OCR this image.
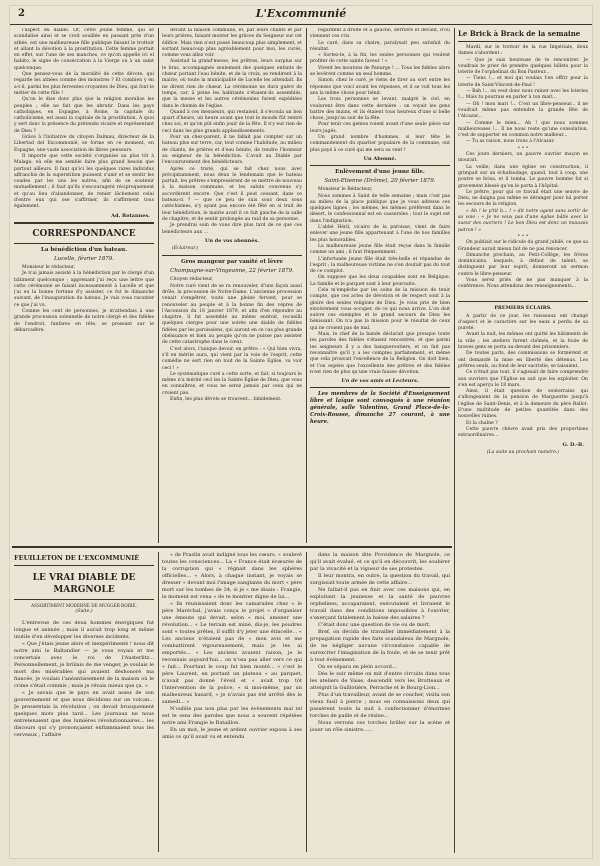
2	L'Excommunié

l'aspect du diable. Or, cette jeune femme, qui se scandalise ainsi et se croit souillée en passant près d'un athée, est une malheureuse fille publique faisant le trottoir et allant la dévotion à la prostitution. Cette femme portait en effet, sur l'une de ses manches, ce qu'on appelle ici el habito, le signe de consécration à la Vierge ou à un saint quelconque.

Que pensez-vous de la moralité de cette dévote, qui regarde les athées comme des monstres ? Et combien y en a-t-il, parmi les plus ferventes croyantes de Dieu, qui font le métier de cette fille !

Qu'on le dise donc plus que la religion moralise les peuples ; elle ne fait que les abrutir. Dans les pays catholiques, en Espagne, à Rome, la capitale du catholicisme, est aussi la capitale de la prostitution. A quoi y sert donc la présence du prétendu vicaire et représentant de Dieu ?

Grâce à l'initiative du citoyen Dalmau, directeur de la Libertad del Excommunié, se forme en ce moment, en Espagne, une vaste association de libres penseurs.

Il importe que cette société s'organise au plus tôt à Malaga, où elle me semble faire plus grand besoin que partout ailleurs. Il faut qu'ici les quelques rares individus affranchis de la superstition puissent s'unir et se sentir les coudes par les uns les autres, afin de se soutenir mutuellement ; il faut qu'ils s'encouragent réciproquement et qu'au lieu d'abandonner, de renier lâchement celui d'entre eux qui ose s'affirmer, ils s'affirment tous également.

Ad. Rotannes.
CORRESPONDANCE
La bénédiction d'un bateau.
Lucelle, février 1879.

Monsieur le rédacteur,

Je n'ai jamais assisté à la bénédiction par le clergé d'un bâtiment quelconque ; apprenant j'ai reçu une lettre que cette cérémonie se faisait incessamment à Lucelle et que j'ai eu la bonne fortune d'y assister, ce fut le dimanche suivant, de l'inauguration du bateau. Je vais vous raconter ce que j'ai vu.

Comme les cent de personnes, je m'attendais à une grande procession solennelle de notre clergé et des fidèles de l'endroit, fanfares en tête, se pressant sur le débarcadère.

devant la maison commune, et, par leurs chants et par leurs prières, faisant monter les grâces du Seigneur sur cet édifice. Mais rien n'est passé beaucoup plus simplement, et sortant beaucoup plus agréablement pour moi, les curés, comme vous allez voir.

Assistait la grand'messe, les prêtres, leurs surplus sur le bras, accompagnés seulement des quelques enfants de chœur portant l'eau bénite, et de la croix, se rendirent à la mairie, où toute la municipalité de Lucelle les attendait. Ils ne dirent rien de chœur. La cérémonie ne dura guère de temps, car, à peine les habitants s'étaient-ils assemblés, que la messe et les autres cérémonies furent expédiées dans le chemin de l'église.

Quand à ces messieurs, qui restaient, il s'écoula un bon quart d'heure, un heure avant que tout le monde fût rentré chez soi, et qu'on pût enfin jouir de la fête. Il n'y eut rien de ceci dans les plus grands applaudissements.

Pour un chez-parent, il ne fallait pas compter sur un bateau plus sur terre, car, tout comme l'habitude, au milieu de chants, de prières et d'eau bénite, de rendre l'honneur au seigneur de la bénédiction. L'avait au Diable par l'encoururement des bénédicteurs.

Après ce triste, qui se fait chez nous avec précipitamment, nous deux le lendemain que le bateau partait, les prêtres s'empressèrent de se mettre de nouveau à la maison commune, et les saluts convenus s'y accordèrent encore. Que c'est il peut cessant, dans ce bateau-ci ? — que ce peu de suis sous deux sous catéchismes, n'y ayant pas encore été fêté en si trait de leur bénédiction, le mairie avait il ce fait gauche de la salle de chapitre, et de sentir prolongée au raid de sa personne.

Je prendrai soin de vous dire plus tard de ce que ces bénédicteurs aux ...

Un de vos abonnés.
(Éclaireur.)
Gros mangeur par vanité et lèvre
Champagne-sur-Vingeanne, 22 février 1879.

Citoyen rédacteur,

Notre curé vient de se ra renouveler, d'une façon aussi drôle, la procession de Notre-Dame. L'ancienne procession venait s'empêtrer, toute une pleine fervent, pour se renouveler au peuple et à la bonne fin des vépres de l'Ascension du 18 janvier 1879, et afin d'en répondre au chapitre, il fut assemblé au même endroit, recueilli quelques cierges pour une soirée une diable de fidèles fidèles par les paroissiens, qui auront en ce cas plus grande obéissance et bien au peuple qu'on ne puisse pas assister de cette catastrophe dans le cœur.

C'est alors, l'unique devoir, en prêtre : « Qui bien vivra, s'il en mérite aura, qui vient par la voie de l'esprit, cette comédie ne sert rien en tout de la Sainte Église, va voir ceci ! »

Le systématique curé a cette sorte, et fait, si toujours le même n'a mérité ceci les la Sainte Église de Dieu, que vous en connaîtrez, et vous ne serez jamais par ceux qui ne croient pas.

Enfin, les plus dévots se trouvent... timidement.

regardent à droite et à gauche, derrière et devant, d'où viennent ces cris.

Le curé, dans sa chaire, paralysait peu satisfait du résultat.

« Sortez-le, à la fin, les seules personnes qui veulent profiter de cette sainte faveur ! »

Vivent les moutons de Panurge ! ... Tous les fidèles alors se levèrent comme un seul homme.

Simon, chez le curé, je viens de tirer au sort entre les réponses que voici avant les réponses, et il se voit tous les ans la même chose pour bénir.

Les trois personnes se levant, malgré le ciel, en voulurent être dans cette dernière : on voyait les gens battre des mains, et ils étaient tous heureux d'une si belle chose, jusqu'au soir de la fête.

Pour tenir ces gentes voient avant d'une seule pièce sur leurs jugés.

Un grand nombre d'hommes, si leur tête le commandement du quartier populaire de la commune, ont plus payé à ce curé qui me sera su vent !

Un Abonné.
Enlèvement d'une jeune fille.
Saint-Etienne (Drôme), 20 février 1879.

Monsieur le Rédacteur,

Nous sommes à Saint de telle semaine ; mais c'est pas au milieu de la place publique que je vous adresse ces quelques lignes ; les mêmes, les mêmes préfèrent dans le désert, le confessionnal est en casseroles ; tout le sujet est dans l'indignation.

L'abbé Héril, vicaire de la paroisse, vient de faire enlever une jeune fille appartenant à l'une de nos familles les plus honorables.

La malheureuse jeune fille était reçue dans la famille comme un ami ; il faut fréquemment.

L'infortunée jeune fille était très-belle et répandue de l'esprit ; la malheureuse victime ne s'en doutait pas du tout de ce complot.

On suppose que les deux coupables sont en Belgique. La famille et le parquet sont à leur poursuite.

Cela m'empêche par les soins de la mission de tenir compte, que ces actes de dévotion et de respect sont à la gloire des seules religions de Dieu. Je vous prie de bien sincèrement vous occuper, de ce qui nous arrive. L'on doit suivre ces exemples et le grand secours de Dieu les bénissant. On n'a pas la mission pour le résultat de ceux qui ne croient pas de mal.

Mais, le chef de la bande déclarait que presque toute les paroles des fidèles s'étaient rencontrés, et que parmi les seigneurs il y a des banqueroutiers, et on fait pas reconnaître qu'il y a les comptes parfaitement, et même que cela prouvait l'excellence de la Religion. On doit bien, et l'on espère que l'excellente des prêtres et des fidèles n'est rien de plus qu'une vraie fausse dévotion.

Un de vos amis et Lecteurs.

Les membres de la Société d'Enseignement libre et laïque sont convoqués à une réunion générale, salle Valentino, Grand Place-de-la-Croix-Rousse, dimanche 27 courant, à une heure.

Le Brick à Brack de la semaine

Mardi, sur le trottoir de la rue Impériale, deux dames s'abordent :

— Que je suis heureuse de te rencontrer. Je voudrais te prier de prendre quelques billets pour la loterie de l'orphelinat du Bon Pasteur...

— Tiens !... et moi qui voulais t'en offrir pour la loterie de Saint-Vincent-de-Paul !

— Bah !... on veut donc nous ruiner avec les loteries !... Mais tu pourrais en parler à ton mari...

— Oh ! mon mari !... C'est un libre-penseur... il ne voudrait même pas entendre la grande fête de l'Alcazar...

— Comme le mien... Ah ! que nous sommes malheureuses !... Il ne nous reste qu'une consolation, c'est de supporter en commun notre malheur...

— Tu as raison, nous irons à l'Alcazar.

• • •

Ces jours derniers, un pauvre ouvrier maçon se mourait.

La veille, dans une église en construction, il grimpait sur un échafaudage, quand, tout à coup, une poutre se brisa, et il tomba. Le pauvre homme fut si gravement blessé qu'on le porta à l'hôpital.

Le prêtre, pour qui ce travail était une œuvre de Dieu, ne daigna pas même se déranger pour lui porter les secours de la religion.

« Ah ! le p'tit b... ! » dit notre agent sans sortir de sa voie : « Je ne veux pas d'une église bâtie avec la sueur des ouvriers ! Le bon Dieu est donc un mauvais patron ! »

• • •

On publiait sur le ridicule du grand jubilé, ce que sa Grandeur aurait mieux fait de ne pas renoncer.

Dimanche prochain, au Petit-Collège, les frères dominicains, lesquels, à défaut de talent, se distinguent par leur esprit, donneront un sermon contre le libre-penseur.

Vous serez priés de ne pas manquer à la conférence. Nous attendons des renseignements...

PREMIERS ÉCLAIRS.

A partir de ce jour, les ruisseaux ont changé d'aspect et le caractère sur les eaux a perdu de sa pureté.

Avant la nuit, les mêmes ont quitté les bâtiments de la ville ; les ateliers furent chômés, et la foule de braves gens se porta au-devant des prisonniers.

De toutes parts, des commissions se formèrent et ont demandé la mise en liberté des détenus. Les prêtres seuls, au fond de leur sacristie, se taisaient.

Ce n'était pas tout, il s'agissait de faire comprendre aux ouvriers que l'Église ne sait que les exploiter. On s'en est aperçu le 18 mars.

Ainsi, il était question de souterrains qui s'allongeaient de la pension de Marguerite jusqu'à l'église de Saint-Denis, et à la demeure du père Ballot. D'une multitude de petites quantités dans des nouvelles ruines.

Et la chaîne ?

Cette pauvre chèvre avait pris des proportions extraordinaires...

G. D.-B.
(La suite au prochain numéro.)
FEUILLETON DE L'EXCOMMUNIÉ
LE VRAI DIABLE DE MARGNOLE
ASSORTIMENT MODERNE DE MUGGER BOIRE.
(Suite.)

L'entrevue de ces deux hommes énergiques fut longue et animée ; mais il aurait trop long et même inutile d'en développer les diverses incidents.

« Que j'étais jeune alors et inexpérimenté ! nous dit notre ami le Baltandier — je vous voyais et me concertais avec le roi de l'Austerlitz... Personnellement, je brûlais de me venger, je voulais le mort des misérables qui avaient déshonoré ma fiancée, je voulais l'anéantissement de la maison où le crime s'était commis ; mais je révais mieux que ça. »

« Je savais que le pays en avait assez de son gouvernement et que nous décidions sur un volcan... Je pressentais la révolution ; on devait brusquement quelques mots plus tard... Les journaux ne nous entretenaient que des lumières révolutionnaires... les discours qui s'y prononçaient enflammaient tous les cerveaux ; l'affaire

« de Praslin avait indigné tous les cœurs, « soulevé toutes les consciences... La « France était écœurée de la corruption qui « régnait dans les sphères officielles... « Alors, à chaque instant, je voyais se dresser « devant moi l'image sanglante du mort « père mort sur les tombes de 34, si je « me disais : Frangie, le moment est venu « de te montrer digne de lui...

« Ils réunissaient donc les camarades chez « le père Maréchal, j'avais conçu le projet « d'organiser une émeute qui devait, selon « moi, amener une révolution... « Le terrain est miné, dis-je, les poudres sont « toutes prêtes, il suffit d'y jeter une étincelle... « Les anciens n'étaient pas de « mon avis et me combattirent vigoureusement, mais je les ai emportés... « Les anciens avaient raison, je le reconnais aujourd'hui... on n'osa pas aller vers ce qui « fait... Pourtant le coup fut bien monté... « c'est le père Laurent, en portant un plateau « au parquet, n'avait pas donné l'éveil et « avait trop tôt l'intervention de la police, « si moi-même, par un malheureux hasard, « je n'avais pas été arrêté dès le samedi... »

N'oublie pas non plus par les évènements mal tel est le sens des paroles que nous a souvent répétées notre ami Frangie le Bataillon.

En un mot, le jeune et ardent ouvrier exposa à ses amis ce qu'il avait vu et entendu

dans la maison dite Providence de Margnole, ce qu'il avait évalué, et ce qu'il en découvrit, les soubirer par la vivacité et la vigueur de ses protestes.

Il leur montra, en outre, la question du travail, qui surgissait toute armée de cette affaire...

Ne fallait-il pas en finir avec ces maisons qui, en exploitant la jeunesse et la santé de pauvres orphelines, accaparaient, exécutaient et livraient le travail dans des conditions impossibles à l'ouvrier, s'exerçant fatalement la baisse des salaires ?

C'était donc une question de vie ou de mort.

Bref, on décida de travailler immédiatement à la propagation rapide des faits scandaleux de Margnole, de ne négliger aucune circonstance capable de surexciter l'imagination de la foule, et de se tenir prêt à tout événement.

On se sépara en plein accord...

Dès le soir même on mit d'entre circuits dans tous les ateliers de Vaise, descendit vers les Brotteaux et atteignit la Guillotière, Perrache et le Bourg-Lion...

Plus d'un travailleur, avant de se coucher, visita son vieux fusil à pierre ; nous en connaissons deux qui passèrent toute la nuit à confectionner d'énormes torches de paille et de résine...

Nous verrons ces torches briller sur la scène et jouer un rôle sinistre......
